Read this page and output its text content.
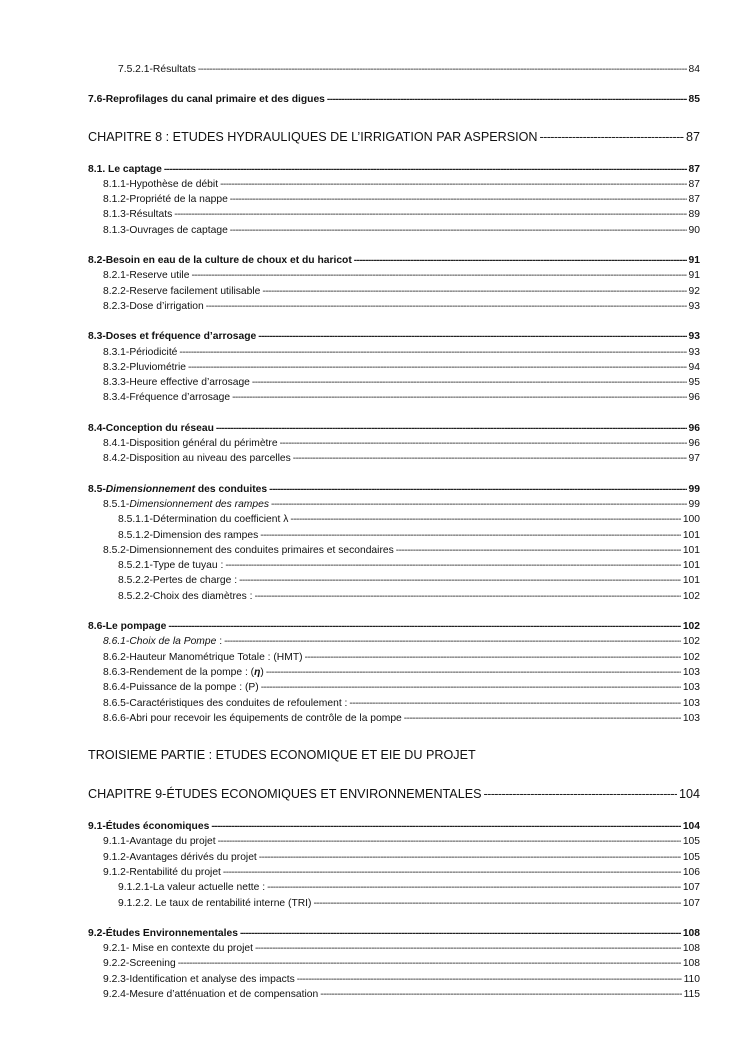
7.5.2.1-Résultats -----	84
7.6-Reprofilages du canal primaire et des digues -----	85
CHAPITRE 8 : ETUDES HYDRAULIQUES DE L’IRRIGATION PAR ASPERSION -----	87
8.1. Le captage -----	87
8.1.1-Hypothèse de débit -----	87
8.1.2-Propriété de la nappe -----	87
8.1.3-Résultats -----	89
8.1.3-Ouvrages de captage -----	90
8.2-Besoin en eau de la culture de choux et du haricot -----	91
8.2.1-Reserve utile -----	91
8.2.2-Reserve facilement utilisable -----	92
8.2.3-Dose d’irrigation -----	93
8.3-Doses et fréquence d’arrosage -----	93
8.3.1-Périodicité -----	93
8.3.2-Pluviométrie -----	94
8.3.3-Heure effective d’arrosage -----	95
8.3.4-Fréquence d’arrosage -----	96
8.4-Conception du réseau -----	96
8.4.1-Disposition général du périmètre -----	96
8.4.2-Disposition au niveau des parcelles -----	97
8.5-Dimensionnement des conduites -----	99
8.5.1-Dimensionnement des rampes -----	99
8.5.1.1-Détermination du coefficient λ -----	100
8.5.1.2-Dimension des rampes -----	101
8.5.2-Dimensionnement des conduites primaires et secondaires -----	101
8.5.2.1-Type de tuyau : -----	101
8.5.2.2-Pertes de charge : -----	101
8.5.2.2-Choix des diamètres : -----	102
8.6-Le pompage -----	102
8.6.1-Choix de la Pompe : -----	102
8.6.2-Hauteur Manométrique Totale : (HMT) -----	102
8.6.3-Rendement de la pompe : (η) -----	103
8.6.4-Puissance de la pompe : (P) -----	103
8.6.5-Caractéristiques des conduites de refoulement : -----	103
8.6.6-Abri pour recevoir les équipements de contrôle de la pompe -----	103
TROISIEME PARTIE : ETUDES ECONOMIQUE ET EIE DU PROJET
CHAPITRE 9-ÉTUDES ECONOMIQUES ET ENVIRONNEMENTALES -----	104
9.1-Études économiques -----	104
9.1.1-Avantage du projet -----	105
9.1.2-Avantages dérivés du projet -----	105
9.1.2-Rentabilité du projet -----	106
9.1.2.1-La valeur actuelle nette : -----	107
9.1.2.2. Le taux de rentabilité interne (TRI) -----	107
9.2-Études Environnementales -----	108
9.2.1- Mise en contexte du projet -----	108
9.2.2-Screening -----	108
9.2.3-Identification et analyse des impacts -----	110
9.2.4-Mesure d’atténuation et de compensation -----	115
